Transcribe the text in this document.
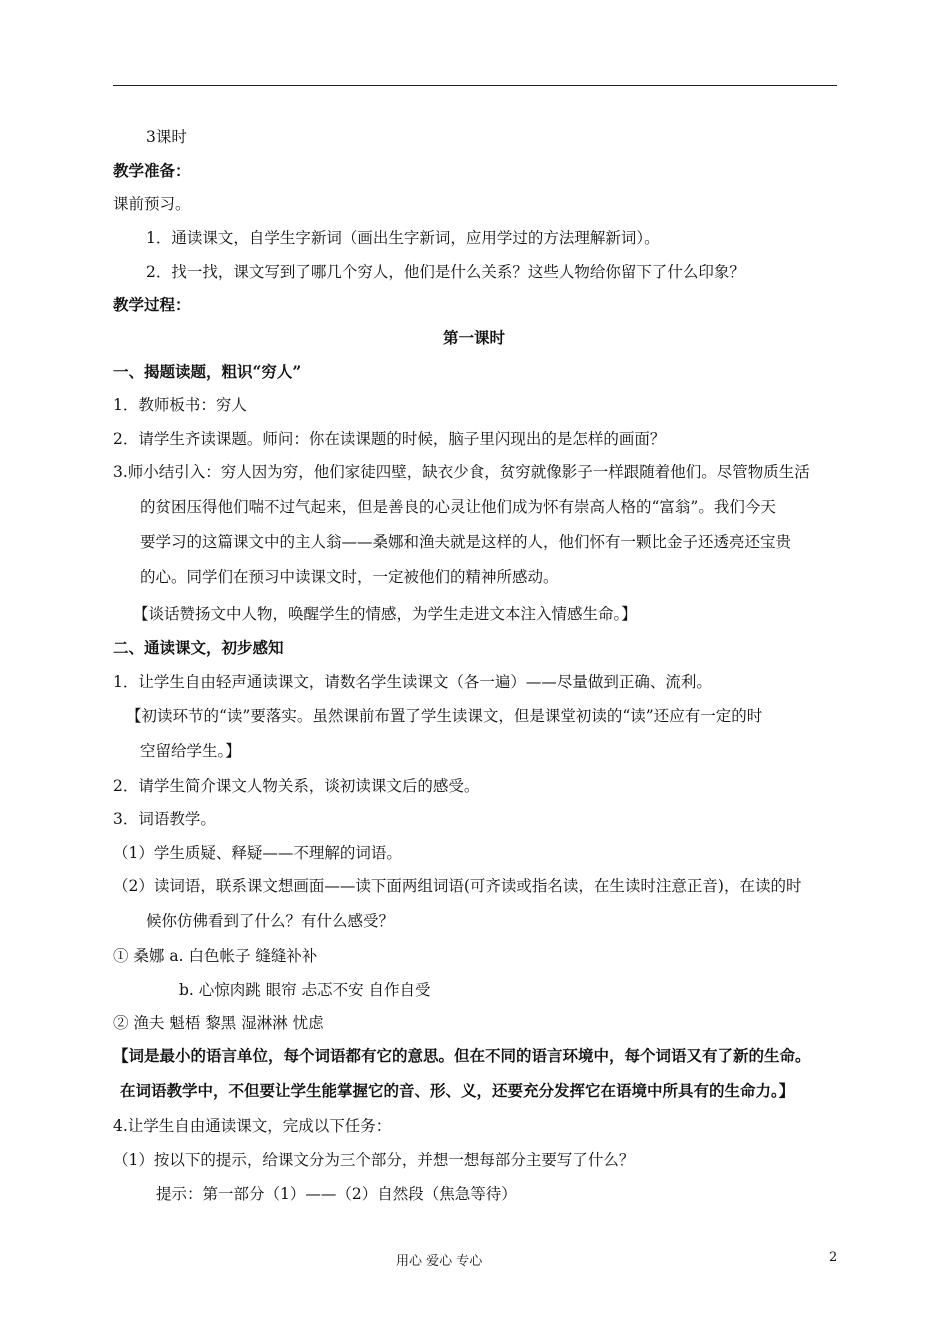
3课时
教学准备：
课前预习。
1．通读课文，自学生字新词（画出生字新词，应用学过的方法理解新词）。
2．找一找，课文写到了哪几个穷人，他们是什么关系？这些人物给你留下了什么印象？
教学过程：
第一课时
一、揭题读题，粗识“穷人”
1．教师板书：穷人
2．请学生齐读课题。师问：你在读课题的时候，脑子里闪现出的是怎样的画面？
3.师小结引入：穷人因为穷，他们家徒四壁，缺衣少食，贫穷就像影子一样跟随着他们。尽管物质生活
的贫困压得他们喘不过气起来，但是善良的心灵让他们成为怀有崇高人格的“富翁”。我们今天
要学习的这篇课文中的主人翁——桑娜和渔夫就是这样的人，他们怀有一颗比金子还透亮还宝贵
的心。同学们在预习中读课文时，一定被他们的精神所感动。
【谈话赞扬文中人物，唤醒学生的情感，为学生走进文本注入情感生命。】
二、通读课文，初步感知
1．让学生自由轻声通读课文，请数名学生读课文（各一遍）——尽量做到正确、流利。
【初读环节的“读”要落实。虽然课前布置了学生读课文，但是课堂初读的“读”还应有一定的时
空留给学生。】
2．请学生简介课文人物关系，谈初读课文后的感受。
3．词语教学。
（1）学生质疑、释疑——不理解的词语。
（2）读词语，联系课文想画面——读下面两组词语(可齐读或指名读，在生读时注意正音)，在读的时
候你仿佛看到了什么？有什么感受？
① 桑娜 a. 白色帐子 缝缝补补
b. 心惊肉跳 眼帘 忐忑不安 自作自受
② 渔夫 魁梧 黎黑 湿淋淋 忧虑
【词是最小的语言单位，每个词语都有它的意思。但在不同的语言环境中，每个词语又有了新的生命。
在词语教学中，不但要让学生能掌握它的音、形、义，还要充分发挥它在语境中所具有的生命力。】
4.让学生自由通读课文，完成以下任务：
（1）按以下的提示，给课文分为三个部分，并想一想每部分主要写了什么？
提示：第一部分（1）——（2）自然段（焦急等待）
用心 爱心 专心	2
